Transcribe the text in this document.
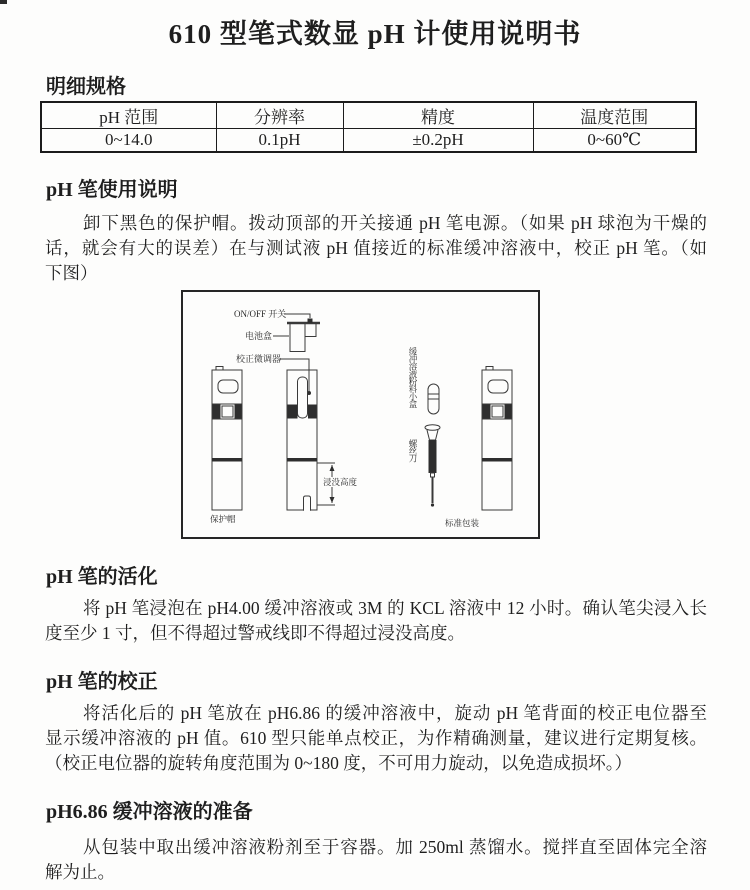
610 型笔式数显 pH 计使用说明书
明细规格
pH 范围	分辨率	精度	温度范围
0~14.0	0.1pH	±0.2pH	0~60℃
pH 笔使用说明
卸下黑色的保护帽。拨动顶部的开关接通 pH 笔电源。（如果 pH 球泡为干燥的
话，就会有大的误差）在与测试液 pH 值接近的标准缓冲溶液中，校正 pH 笔。（如
下图）
ON/OFF 开关
电池盒
校正微调器
浸没高度
保护帽
缓冲溶液粉料小盒
螺丝刀
标准包装
pH 笔的活化
将 pH 笔浸泡在 pH4.00 缓冲溶液或 3M 的 KCL 溶液中 12 小时。确认笔尖浸入长
度至少 1 寸，但不得超过警戒线即不得超过浸没高度。
pH 笔的校正
将活化后的 pH 笔放在 pH6.86 的缓冲溶液中，旋动 pH 笔背面的校正电位器至
显示缓冲溶液的 pH 值。610 型只能单点校正，为作精确测量，建议进行定期复核。
（校正电位器的旋转角度范围为 0~180 度，不可用力旋动，以免造成损坏。）
pH6.86 缓冲溶液的准备
从包装中取出缓冲溶液粉剂至于容器。加 250ml 蒸馏水。搅拌直至固体完全溶
解为止。
